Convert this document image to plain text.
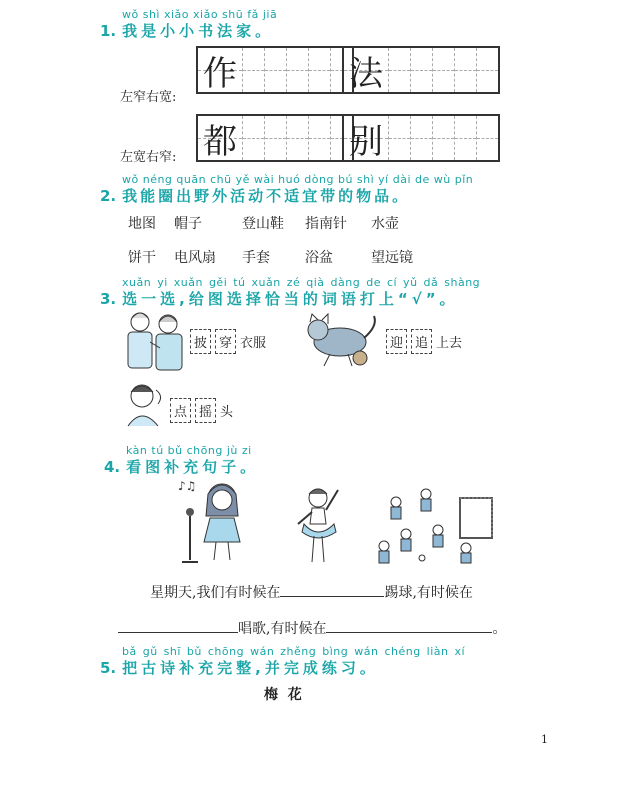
wǒ shì xiǎo xiǎo shū fǎ jiā
1. 我是小小书法家。
左窄右宽:
作	法
左宽右窄: 都	别
wǒ néng quān chū yě wài huó dòng bú shì yí dài de wù pǐn
2. 我能圈出野外活动不适宜带的物品。
地图 帽子	登山鞋 指南针 水壶
饼干 电风扇 手套	浴盆	望远镜
xuǎn yi xuǎn gěi tú xuǎn zé qià dàng de cí yǔ dǎ shàng
3. 选一选,给图选择恰当的词语打上“√”。
披 穿 衣服	迎 追 上去
点 摇 头
kàn tú bǔ chōng jù zi
4. 看图补充句子。
♪♫
星期天,我们有时候在	踢球,有时候在
唱歌,有时候在	。
bǎ gǔ shī bǔ chōng wán zhěng bìng wán chéng liàn xí
5. 把古诗补充完整,并完成练习。
梅  花
1
